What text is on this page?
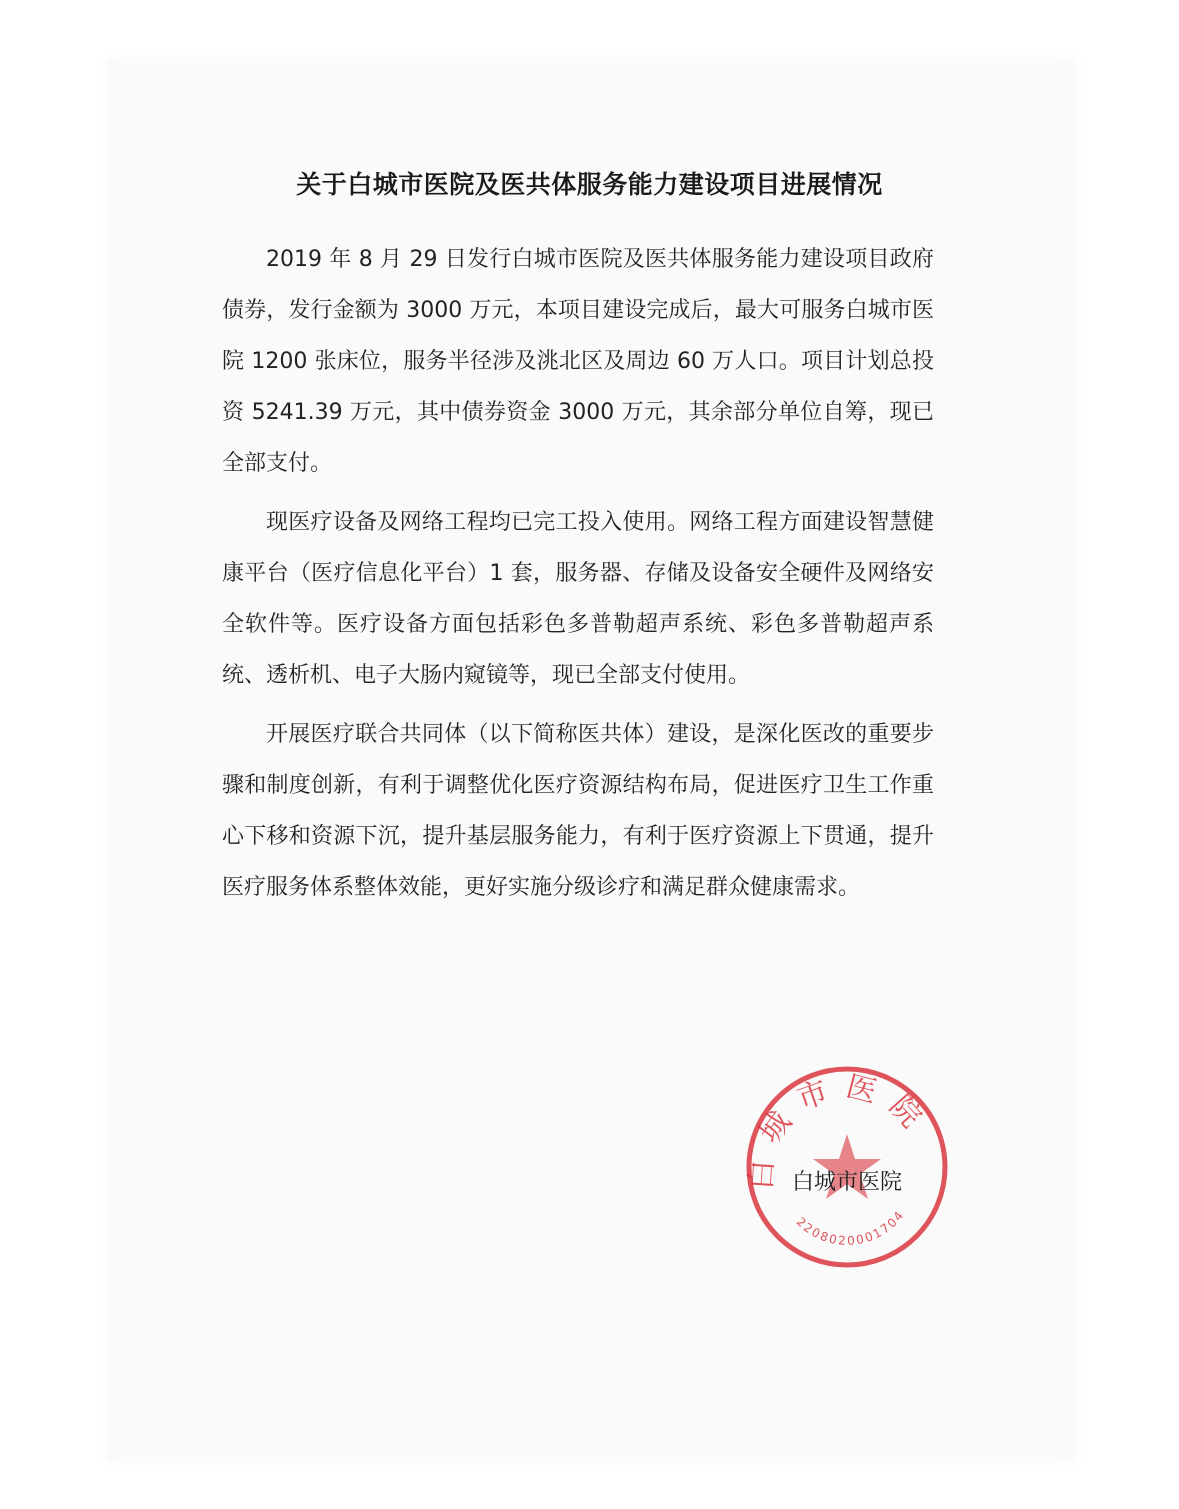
关于白城市医院及医共体服务能力建设项目进展情况

2019 年 8 月 29 日发行白城市医院及医共体服务能力建设项目政府债券，发行金额为 3000 万元，本项目建设完成后，最大可服务白城市医院 1200 张床位，服务半径涉及洮北区及周边 60 万人口。项目计划总投资 5241.39 万元，其中债券资金 3000 万元，其余部分单位自筹，现已全部支付。

现医疗设备及网络工程均已完工投入使用。网络工程方面建设智慧健康平台（医疗信息化平台）1 套，服务器、存储及设备安全硬件及网络安全软件等。医疗设备方面包括彩色多普勒超声系统、彩色多普勒超声系统、透析机、电子大肠内窥镜等，现已全部支付使用。

开展医疗联合共同体（以下简称医共体）建设，是深化医改的重要步骤和制度创新，有利于调整优化医疗资源结构布局，促进医疗卫生工作重心下移和资源下沉，提升基层服务能力，有利于医疗资源上下贯通，提升医疗服务体系整体效能，更好实施分级诊疗和满足群众健康需求。

白城市医院
2208020001704
白城市医院
